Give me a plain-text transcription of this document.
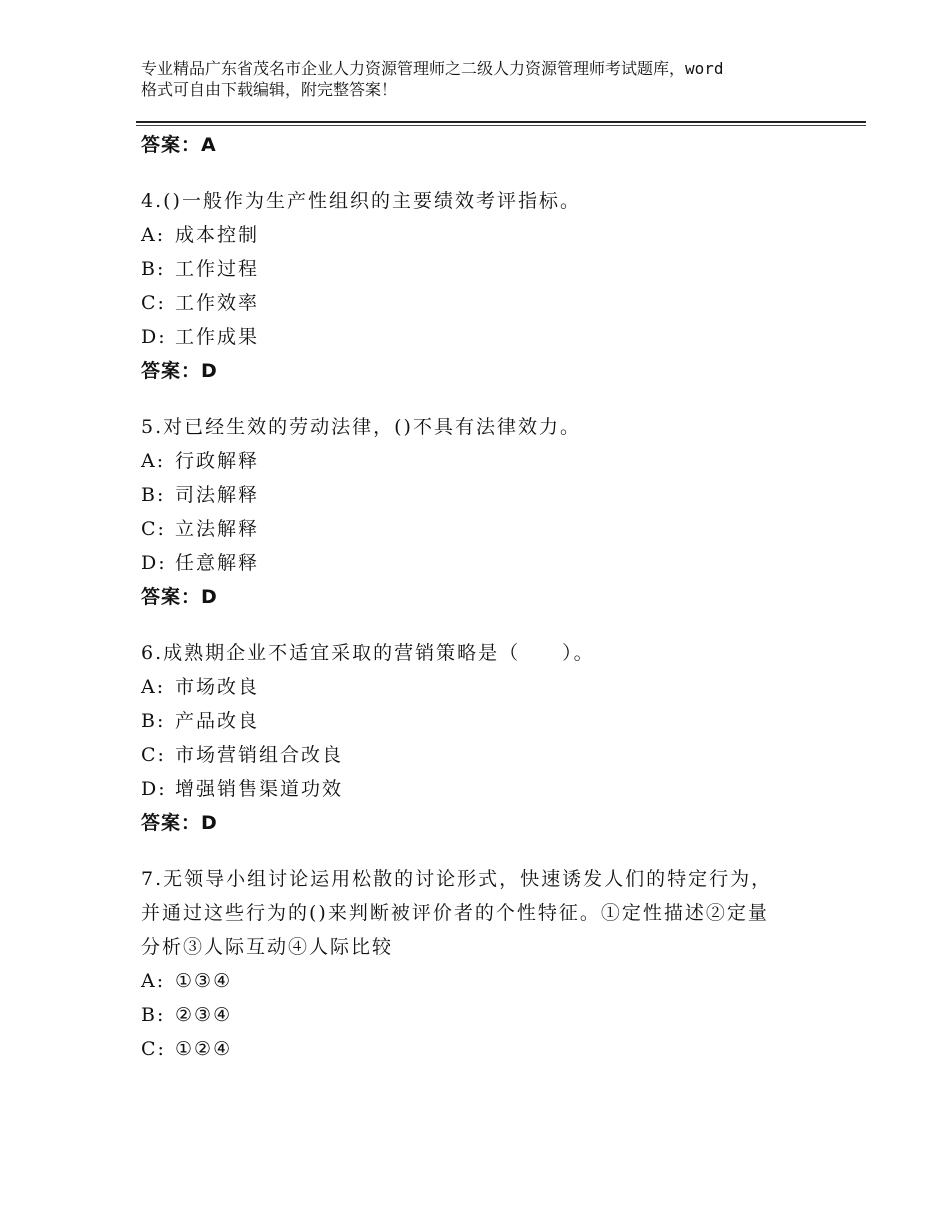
专业精品广东省茂名市企业人力资源管理师之二级人力资源管理师考试题库，word
格式可自由下载编辑，附完整答案！
答案：A
4.()一般作为生产性组织的主要绩效考评指标。
A: 成本控制
B: 工作过程
C: 工作效率
D: 工作成果
答案：D
5.对已经生效的劳动法律，()不具有法律效力。
A: 行政解释
B: 司法解释
C: 立法解释
D: 任意解释
答案：D
6.成熟期企业不适宜采取的营销策略是（　　）。
A: 市场改良
B: 产品改良
C: 市场营销组合改良
D: 增强销售渠道功效
答案：D
7.无领导小组讨论运用松散的讨论形式，快速诱发人们的特定行为，
并通过这些行为的()来判断被评价者的个性特征。①定性描述②定量
分析③人际互动④人际比较
A: ①③④
B: ②③④
C: ①②④
